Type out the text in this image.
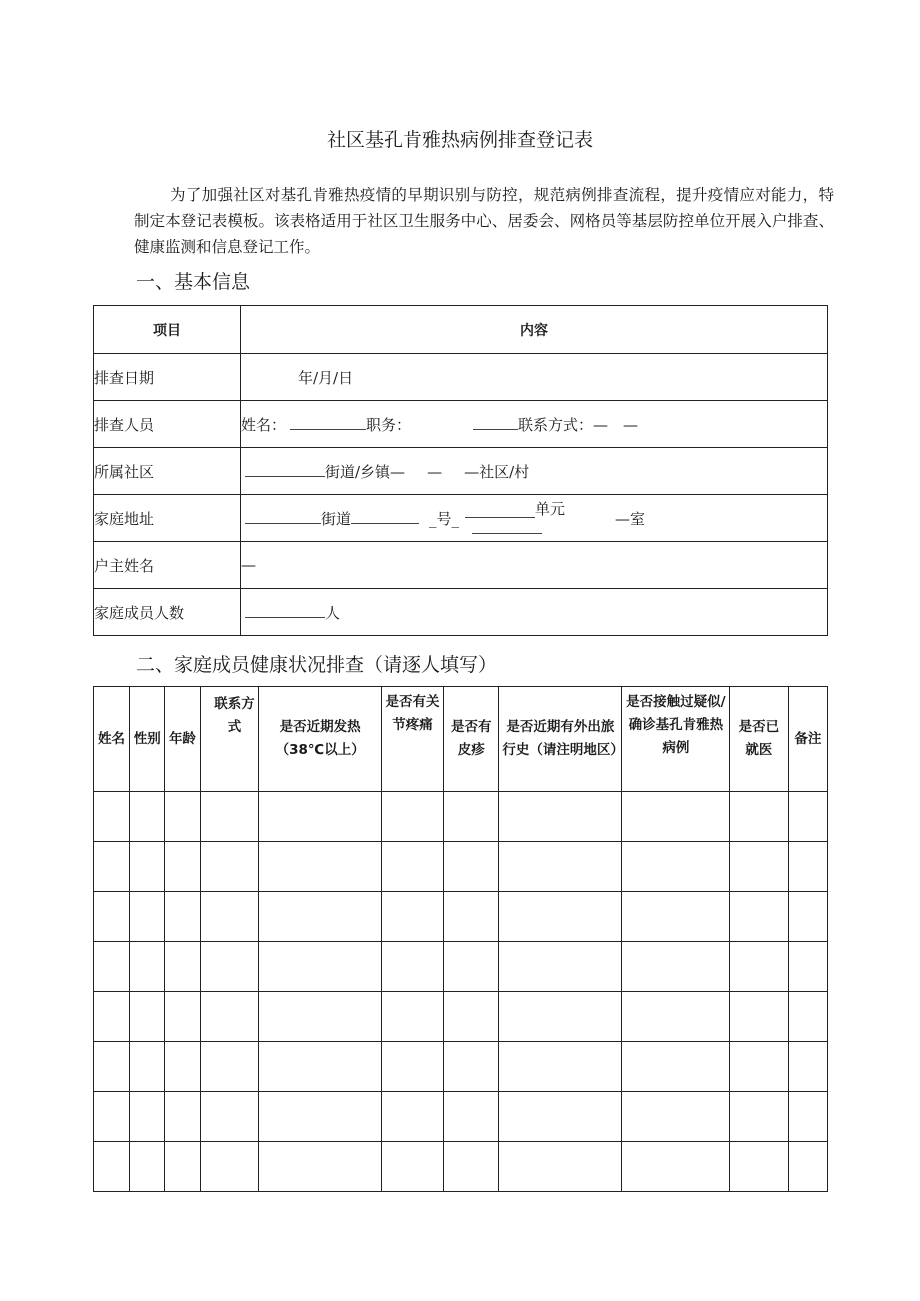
社区基孔肯雅热病例排查登记表
为了加强社区对基孔肯雅热疫情的早期识别与防控，规范病例排查流程，提升疫情应对能力，特制定本登记表模板。该表格适用于社区卫生服务中心、居委会、网格员等基层防控单位开展入户排查、健康监测和信息登记工作。
一、基本信息
项目	内容
排查日期	年/月/日
排查人员	姓名： 职务： 联系方式：—　—
所属社区	街道/乡镇— — —社区/村
家庭地址	街道 _号_单元—室

户主姓名	—
家庭成员人数	人
二、家庭成员健康状况排查（请逐人填写）
姓名	性别	年龄	联系方式	是否近期发热（38℃以上）	是否有关节疼痛	是否有皮疹	是否近期有外出旅行史（请注明地区）	是否接触过疑似/确诊基孔肯雅热病例	是否已就医	备注
